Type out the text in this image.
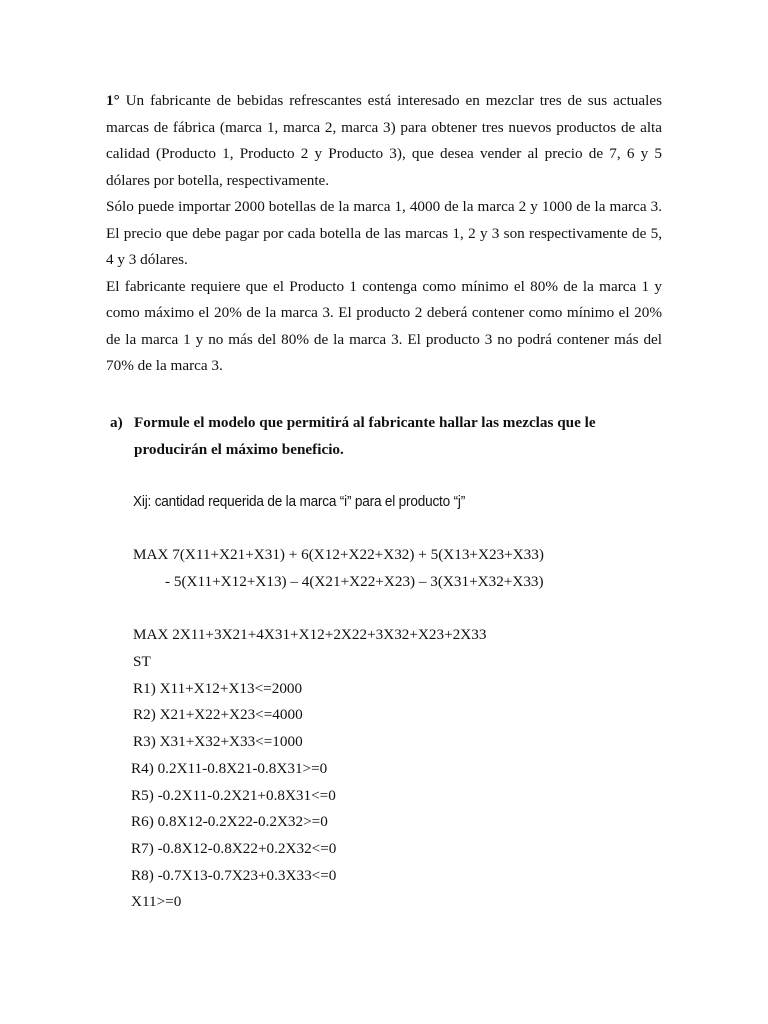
1° Un fabricante de bebidas refrescantes está interesado en mezclar tres de sus actuales marcas de fábrica (marca 1, marca 2, marca 3) para obtener tres nuevos productos de alta calidad (Producto 1, Producto 2 y Producto 3), que desea vender al precio de 7, 6 y 5 dólares por botella, respectivamente.

Sólo puede importar 2000 botellas de la marca 1, 4000 de la marca 2 y 1000 de la marca 3. El precio que debe pagar por cada botella de las marcas 1, 2 y 3 son respectivamente de 5, 4 y 3 dólares.

El fabricante requiere que el Producto 1 contenga como mínimo el 80% de la marca 1 y como máximo el 20% de la marca 3. El producto 2 deberá contener como mínimo el 20% de la marca 1 y no más del 80% de la marca 3. El producto 3 no podrá contener más del 70% de la marca 3.

a) Formule el modelo que permitirá al fabricante hallar las mezclas que le producirán el máximo beneficio.
Xij: cantidad requerida de la marca “i” para el producto “j”
MAX 7(X11+X21+X31) + 6(X12+X22+X32) + 5(X13+X23+X33)
- 5(X11+X12+X13) – 4(X21+X22+X23) – 3(X31+X32+X33)
MAX 2X11+3X21+4X31+X12+2X22+3X32+X23+2X33
ST
R1) X11+X12+X13<=2000
R2) X21+X22+X23<=4000
R3) X31+X32+X33<=1000
R4) 0.2X11-0.8X21-0.8X31>=0
R5) -0.2X11-0.2X21+0.8X31<=0
R6) 0.8X12-0.2X22-0.2X32>=0
R7) -0.8X12-0.8X22+0.2X32<=0
R8) -0.7X13-0.7X23+0.3X33<=0
X11>=0
